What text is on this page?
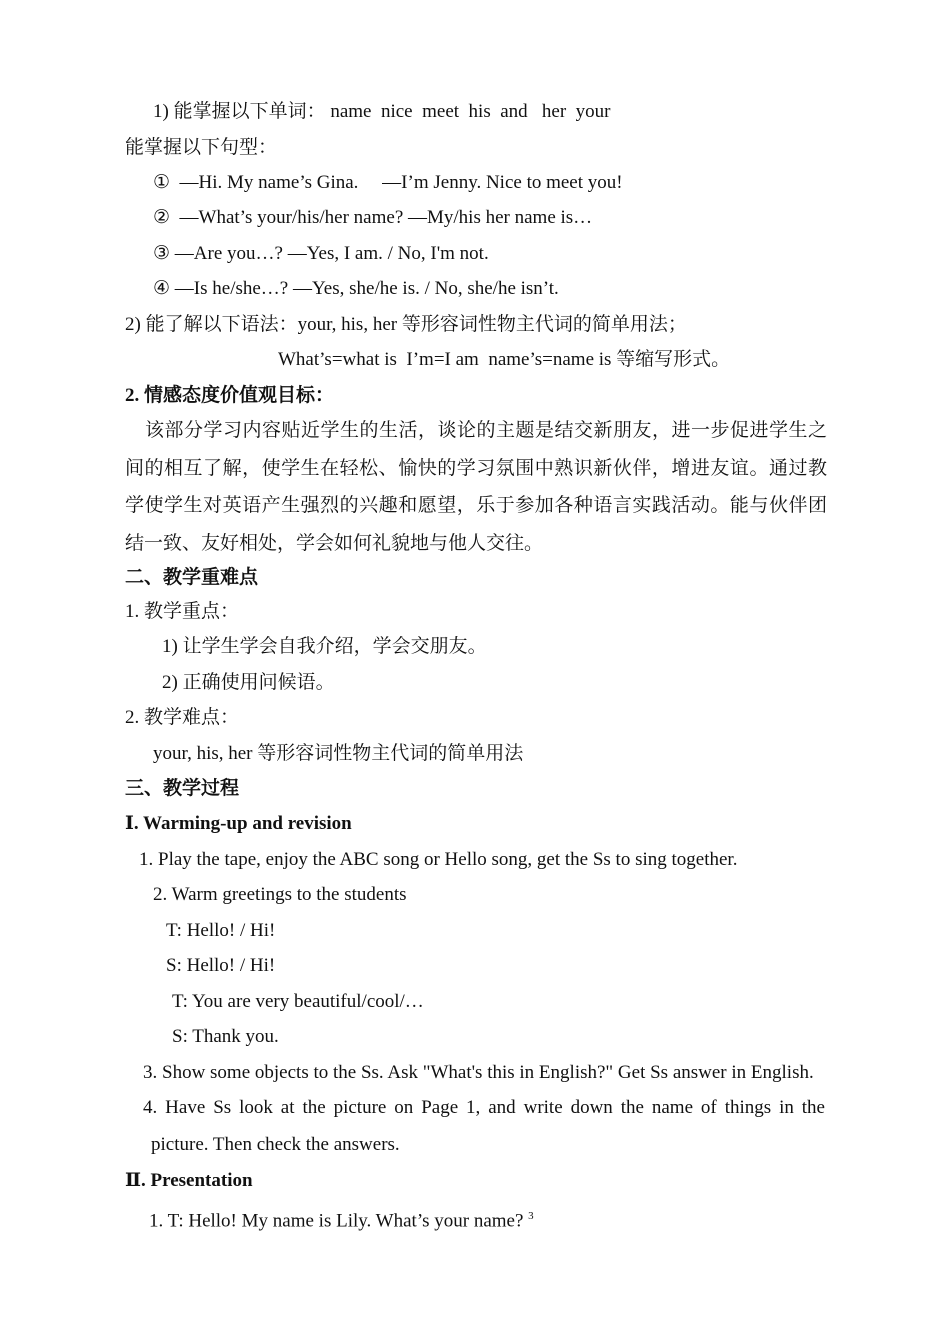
1) 能掌握以下单词： name  nice  meet  his  and   her  your
能掌握以下句型：
①  —Hi. My name’s Gina.     —I’m Jenny. Nice to meet you!
②  —What’s your/his/her name? —My/his her name is…
③ —Are you…? —Yes, I am. / No, I'm not.
④ —Is he/she…? —Yes, she/he is. / No, she/he isn’t.
2) 能了解以下语法：your, his, her 等形容词性物主代词的简单用法；
What’s=what is  I’m=I am  name’s=name is 等缩写形式。
2. 情感态度价值观目标：
该部分学习内容贴近学生的生活，谈论的主题是结交新朋友，进一步促进学生之间的相互了解，使学生在轻松、愉快的学习氛围中熟识新伙伴，增进友谊。通过教学使学生对英语产生强烈的兴趣和愿望，乐于参加各种语言实践活动。能与伙伴团结一致、友好相处，学会如何礼貌地与他人交往。
二、教学重难点
1. 教学重点：
1) 让学生学会自我介绍，学会交朋友。
2) 正确使用问候语。
2. 教学难点：
your, his, her 等形容词性物主代词的简单用法
三、教学过程
Ⅰ. Warming-up and revision
1. Play the tape, enjoy the ABC song or Hello song, get the Ss to sing together.
2. Warm greetings to the students
T: Hello! / Hi!
S: Hello! / Hi!
T: You are very beautiful/cool/…
S: Thank you.
3. Show some objects to the Ss. Ask "What's this in English?" Get Ss answer in English.
4. Have Ss look at the picture on Page 1, and write down the name of things in the
picture. Then check the answers.
Ⅱ. Presentation
1. T: Hello! My name is Lily. What’s your name? $^3$
